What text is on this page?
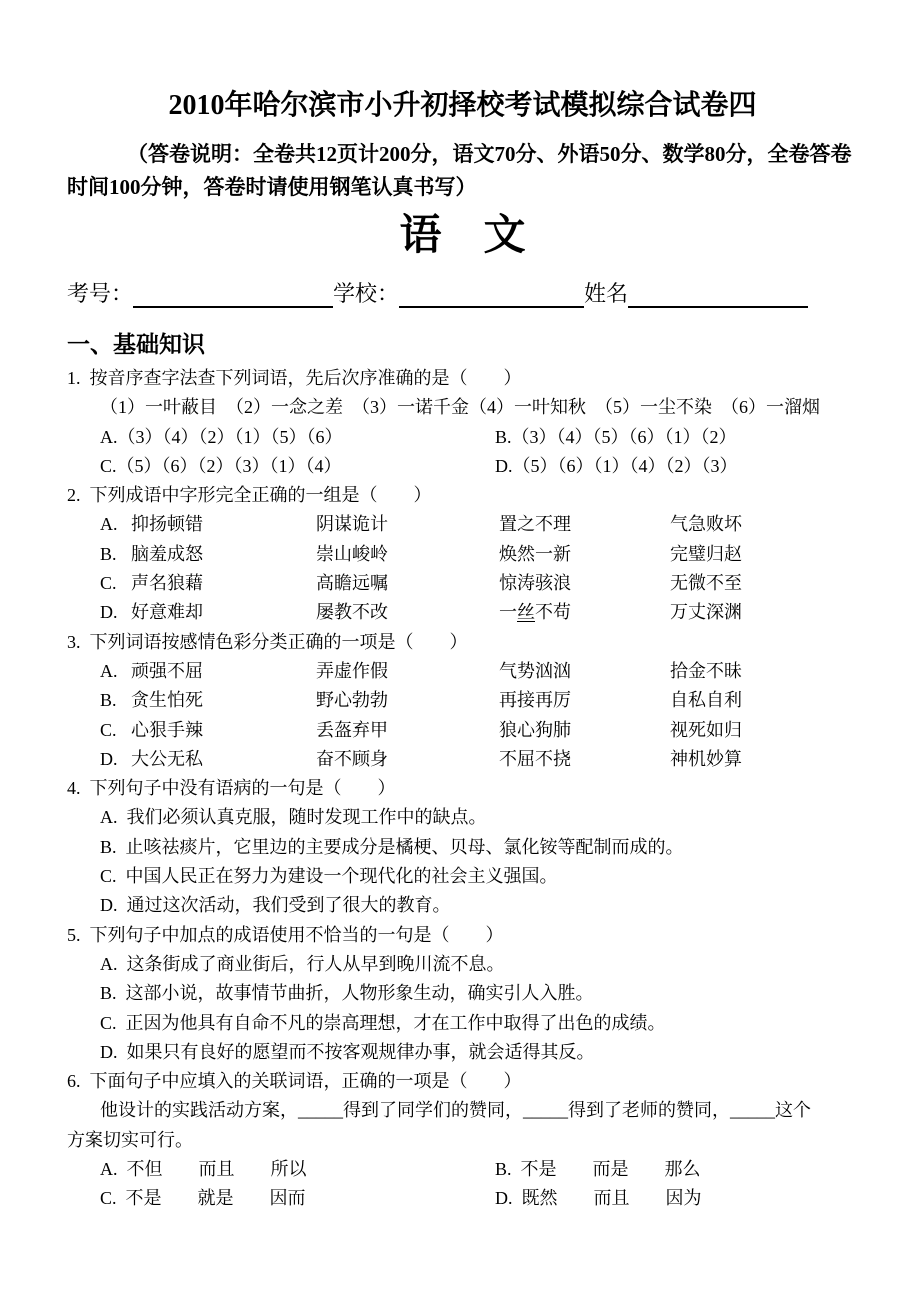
2010年哈尔滨市小升初择校考试模拟综合试卷四

（答卷说明：全卷共12页计200分，语文70分、外语50分、数学80分，全卷答卷时间100分钟，答卷时请使用钢笔认真书写）

语　文
考号：	学校：	姓名
一、基础知识
1.  按音序查字法查下列词语，先后次序准确的是（　　）
（1）一叶蔽目　（2）一念之差　（3）一诺千金（4）一叶知秋　（5）一尘不染　（6）一溜烟
A.（3）（4）（2）（1）（5）（6）	B.（3）（4）（5）（6）（1）（2）
C.（5）（6）（2）（3）（1）（4）	D.（5）（6）（1）（4）（2）（3）
2.  下列成语中字形完全正确的一组是（　　）
A. 抑扬顿错	阴谋诡计	置之不理	气急败坏
B. 脑羞成怒	崇山峻岭	焕然一新	完璧归赵
C. 声名狼藉	高瞻远嘱	惊涛骇浪	无微不至
D. 好意难却	屡教不改	一丝不苟	万丈深渊
3.  下列词语按感情色彩分类正确的一项是（　　）
A. 顽强不屈	弄虚作假	气势汹汹	拾金不昧
B. 贪生怕死	野心勃勃	再接再厉	自私自利
C. 心狠手辣	丢盔弃甲	狼心狗肺	视死如归
D. 大公无私	奋不顾身	不屈不挠	神机妙算
4.  下列句子中没有语病的一句是（　　）
A.  我们必须认真克服，随时发现工作中的缺点。
B.  止咳祛痰片，它里边的主要成分是橘梗、贝母、氯化铵等配制而成的。
C.  中国人民正在努力为建设一个现代化的社会主义强国。
D.  通过这次活动，我们受到了很大的教育。
5.  下列句子中加点的成语使用不恰当的一句是（　　）
A.  这条街成了商业街后，行人从早到晚川流不息。
B.  这部小说，故事情节曲折，人物形象生动，确实引人入胜。
C.  正因为他具有自命不凡的崇高理想，才在工作中取得了出色的成绩。
D.  如果只有良好的愿望而不按客观规律办事，就会适得其反。
6.  下面句子中应填入的关联词语，正确的一项是（　　）
他设计的实践活动方案，_____得到了同学们的赞同，_____得到了老师的赞同，_____这个
方案切实可行。
A.  不但　　而且　　所以	B.  不是　　而是　　那么
C.  不是　　就是　　因而	D.  既然　　而且　　因为
